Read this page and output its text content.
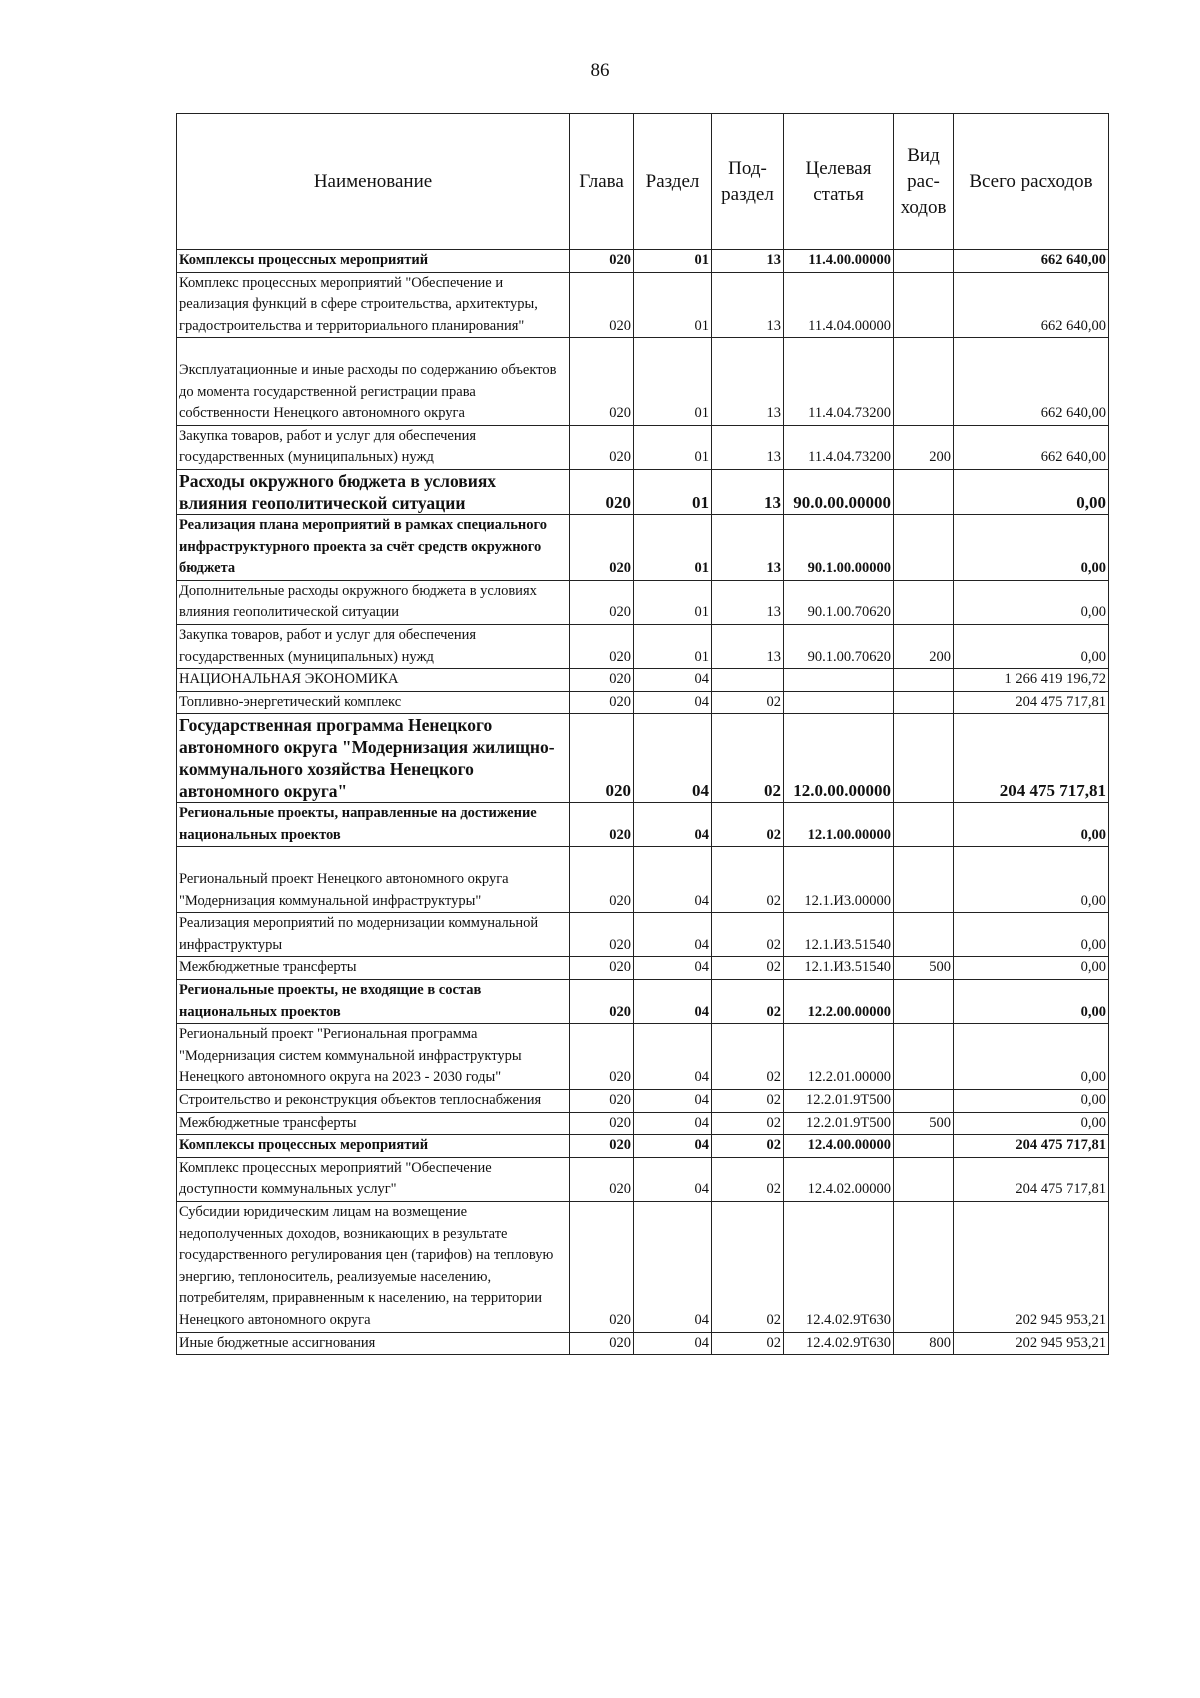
86
Наименование	Глава	Раздел	Под-раздел	Целевая статья	Вид рас-ходов	Всего расходов
Комплексы процессных мероприятий	020	01	13	11.4.00.00000		662 640,00
Комплекс процессных мероприятий "Обеспечение и реализация функций в сфере строительства, архитектуры, градостроительства и территориального планирования"	020	01	13	11.4.04.00000		662 640,00
Эксплуатационные и иные расходы по содержанию объектов до момента государственной регистрации права собственности Ненецкого автономного округа	020	01	13	11.4.04.73200		662 640,00
Закупка товаров, работ и услуг для обеспечения государственных (муниципальных) нужд	020	01	13	11.4.04.73200	200	662 640,00
Расходы окружного бюджета в условиях влияния геополитической ситуации	020	01	13	90.0.00.00000		0,00
Реализация плана мероприятий в рамках специального инфраструктурного проекта за счёт средств окружного бюджета	020	01	13	90.1.00.00000		0,00
Дополнительные расходы окружного бюджета в условиях влияния геополитической ситуации	020	01	13	90.1.00.70620		0,00
Закупка товаров, работ и услуг для обеспечения государственных (муниципальных) нужд	020	01	13	90.1.00.70620	200	0,00
НАЦИОНАЛЬНАЯ ЭКОНОМИКА	020	04				1 266 419 196,72
Топливно-энергетический комплекс	020	04	02			204 475 717,81
Государственная программа Ненецкого автономного округа "Модернизация жилищно-коммунального хозяйства Ненецкого автономного округа"	020	04	02	12.0.00.00000		204 475 717,81
Региональные проекты, направленные на достижение национальных проектов	020	04	02	12.1.00.00000		0,00
Региональный проект Ненецкого автономного округа "Модернизация коммунальной инфраструктуры"	020	04	02	12.1.И3.00000		0,00
Реализация мероприятий по модернизации коммунальной инфраструктуры	020	04	02	12.1.И3.51540		0,00
Межбюджетные трансферты	020	04	02	12.1.И3.51540	500	0,00
Региональные проекты, не входящие в состав национальных проектов	020	04	02	12.2.00.00000		0,00
Региональный проект "Региональная программа "Модернизация систем коммунальной инфраструктуры Ненецкого автономного округа на 2023 - 2030 годы"	020	04	02	12.2.01.00000		0,00
Строительство и реконструкция объектов теплоснабжения	020	04	02	12.2.01.9Т500		0,00
Межбюджетные трансферты	020	04	02	12.2.01.9Т500	500	0,00
Комплексы процессных мероприятий	020	04	02	12.4.00.00000		204 475 717,81
Комплекс процессных мероприятий "Обеспечение доступности коммунальных услуг"	020	04	02	12.4.02.00000		204 475 717,81
Субсидии юридическим лицам на возмещение недополученных доходов, возникающих в результате государственного регулирования цен (тарифов) на тепловую энергию, теплоноситель, реализуемые населению, потребителям, приравненным к населению, на территории Ненецкого автономного округа	020	04	02	12.4.02.9Т630		202 945 953,21
Иные бюджетные ассигнования	020	04	02	12.4.02.9Т630	800	202 945 953,21
